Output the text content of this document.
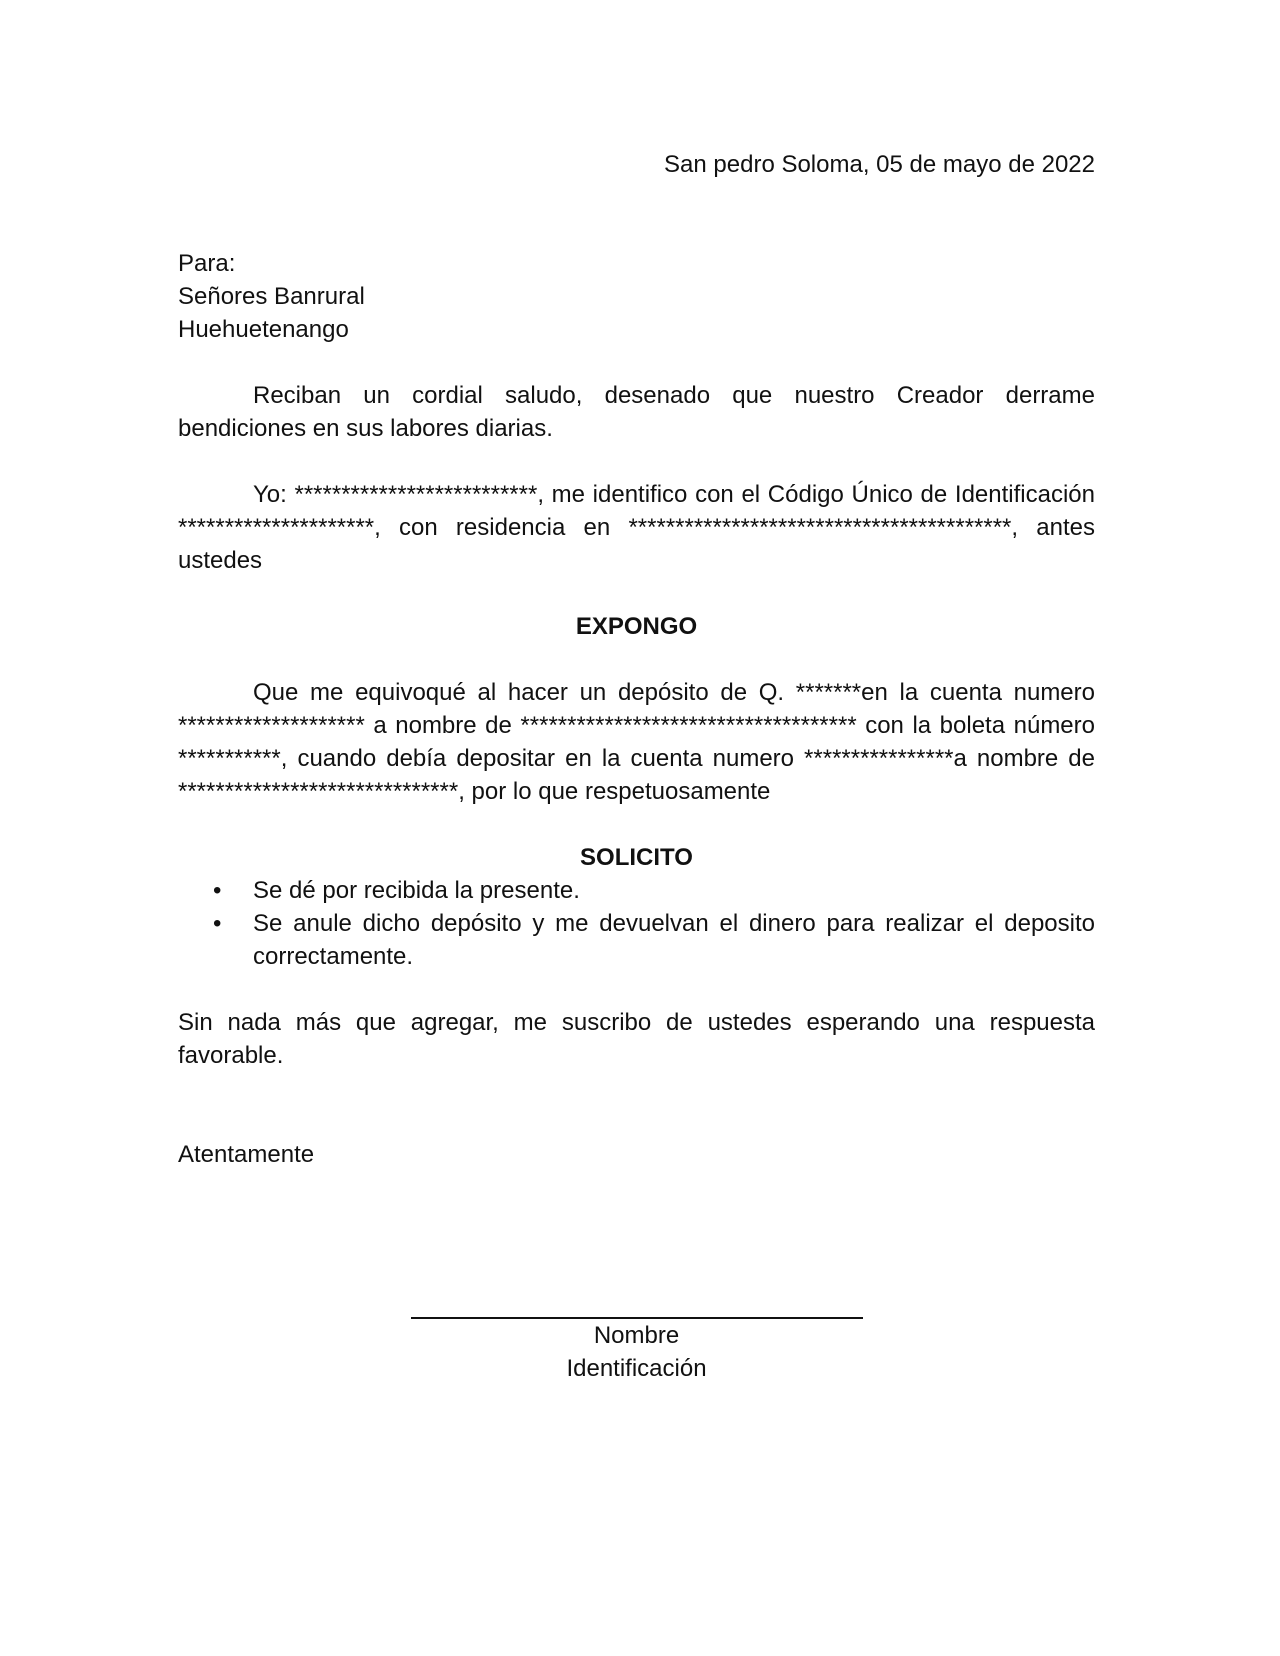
San pedro Soloma, 05 de mayo de 2022

Para:

Señores Banrural

Huehuetenango

Reciban un cordial saludo, desenado que nuestro Creador derrame bendiciones en sus labores diarias.

Yo: **************************, me identifico con el Código Único de Identificación *********************, con residencia en *****************************************, antes ustedes

EXPONGO

Que me equivoqué al hacer un depósito de Q. *******en la cuenta numero ******************** a nombre de ************************************ con la boleta número ***********, cuando debía depositar en la cuenta numero ****************a nombre de ******************************, por lo que respetuosamente

SOLICITO

• Se dé por recibida la presente.
• Se anule dicho depósito y me devuelvan el dinero para realizar el deposito correctamente.

Sin nada más que agregar, me suscribo de ustedes esperando una respuesta favorable.

Atentamente

Nombre

Identificación
